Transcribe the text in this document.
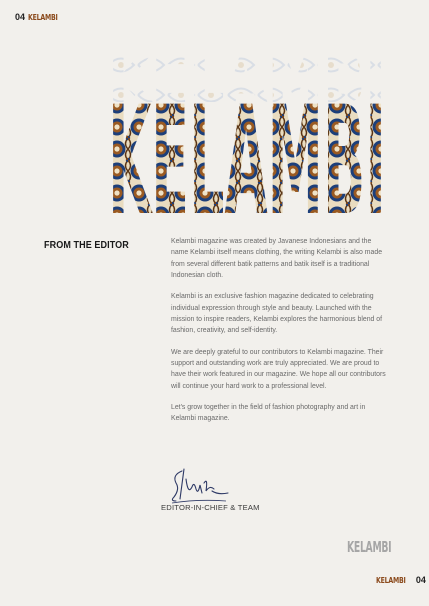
04 KELAMBI
KELAMBI
KELAMBI
FROM THE EDITOR	Kelambi magazine was created by Javanese Indonesians and the name Kelambi itself means clothing, the writing Kelambi is also made from several different batik patterns and batik itself is a traditional Indonesian cloth.

Kelambi is an exclusive fashion magazine dedicated to celebrating individual expression through style and beauty. Launched with the mission to inspire readers, Kelambi explores the harmonious blend of fashion, creativity, and self-identity.

We are deeply grateful to our contributors to Kelambi magazine. Their support and outstanding work are truly appreciated. We are proud to have their work featured in our magazine. We hope all our contributors will continue your hard work to a professional level.

Let's grow together in the field of fashion photography and art in Kelambi magazine.

EDITOR-IN-CHIEF & TEAM
KELAMBI
KELAMBI 04
